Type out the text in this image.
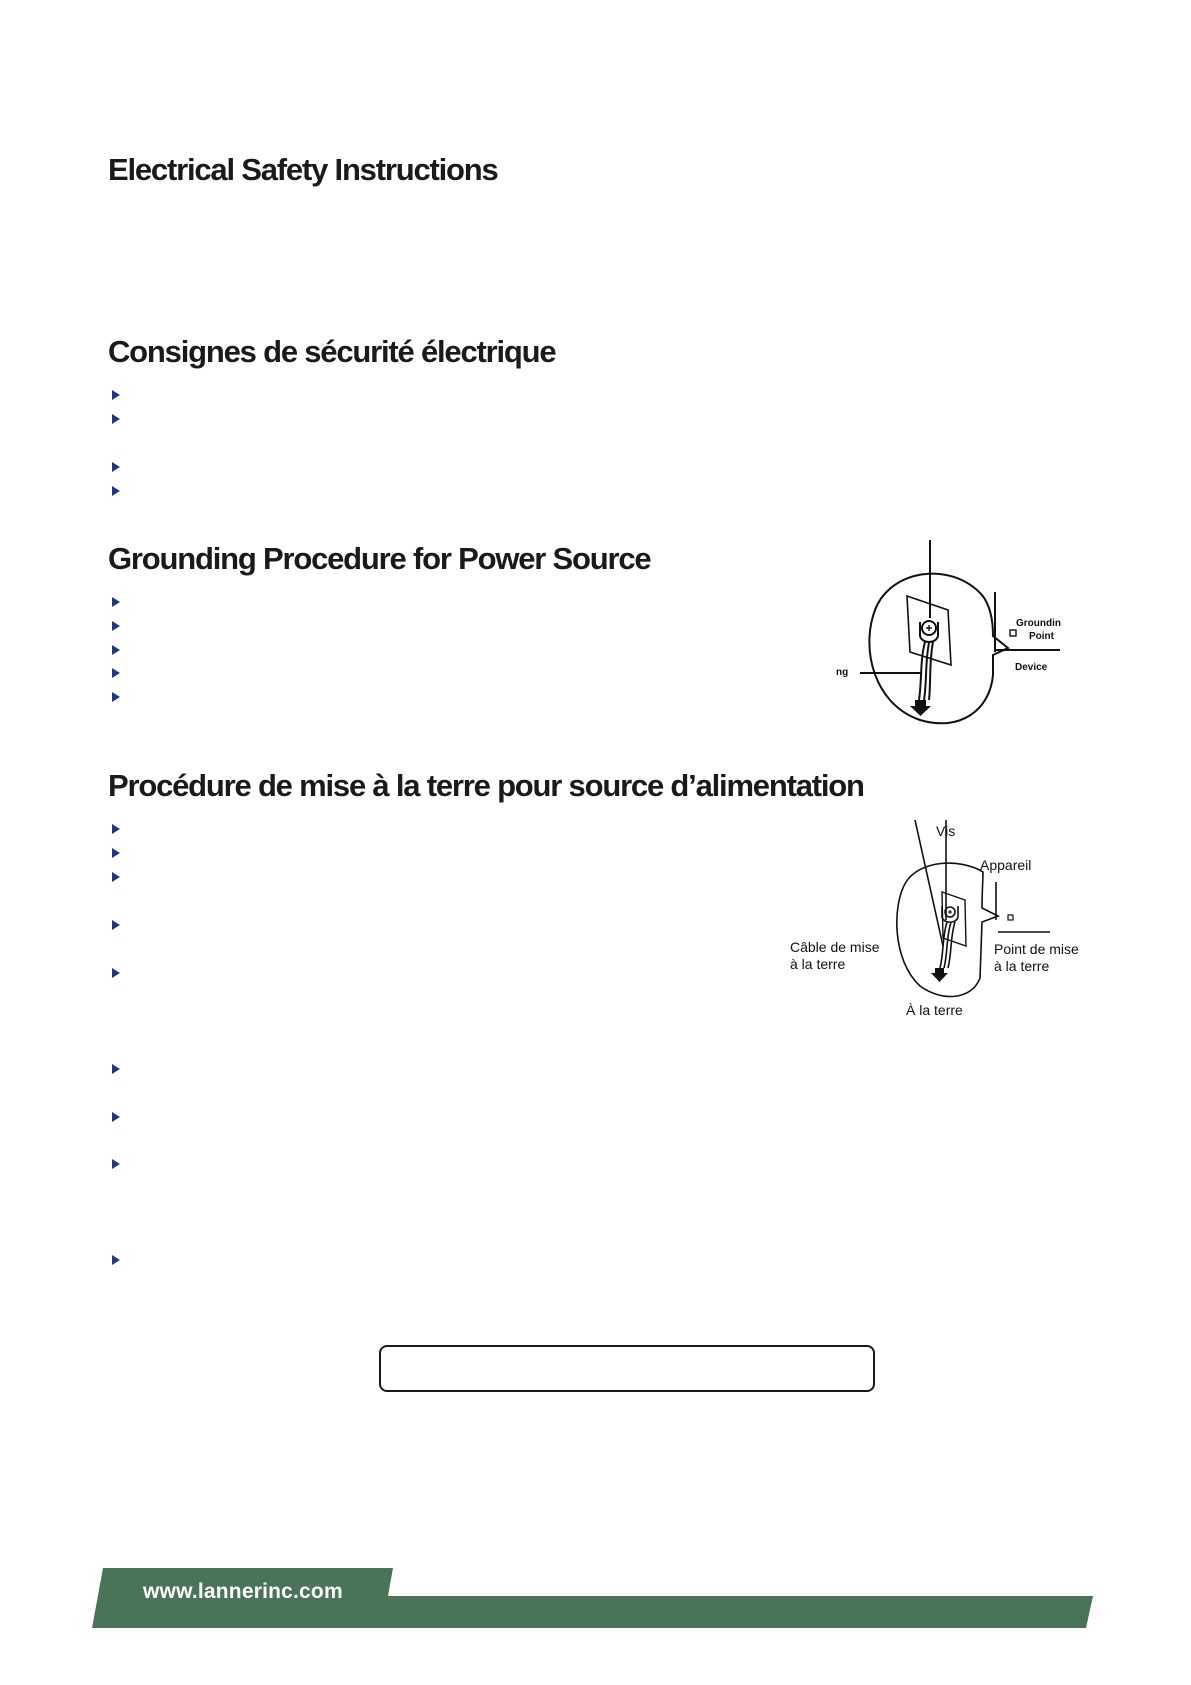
Electrical Safety Instructions
Consignes de sécurité électrique
Grounding Procedure for Power Source
Procédure de mise à la terre pour source d’alimentation
Groundin
Point
Device
ng
Vis
Appareil
Câble de mise
à la terre
Point de mise
à la terre
À la terre
www.lannerinc.com
